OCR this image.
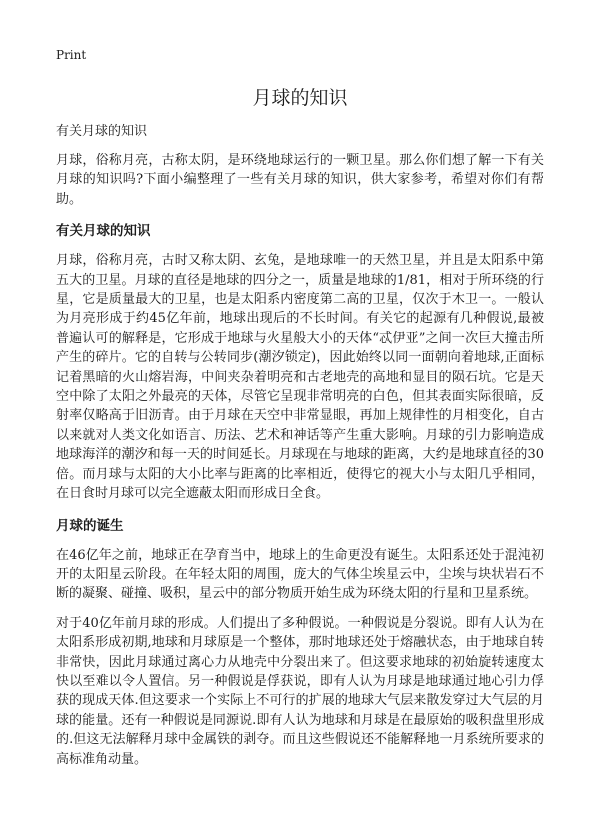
Print
月球的知识
有关月球的知识

月球，俗称月亮，古称太阴，是环绕地球运行的一颗卫星。那么你们想了解一下有关月球的知识吗?下面小编整理了一些有关月球的知识，供大家参考，希望对你们有帮助。

有关月球的知识

月球，俗称月亮，古时又称太阴、玄兔，是地球唯一的天然卫星，并且是太阳系中第五大的卫星。月球的直径是地球的四分之一，质量是地球的1/81，相对于所环绕的行星，它是质量最大的卫星，也是太阳系内密度第二高的卫星，仅次于木卫一。一般认为月亮形成于约45亿年前，地球出现后的不长时间。有关它的起源有几种假说,最被普遍认可的解释是，它形成于地球与火星般大小的天体“忒伊亚”之间一次巨大撞击所产生的碎片。它的自转与公转同步(潮汐锁定)，因此始终以同一面朝向着地球,正面标记着黑暗的火山熔岩海，中间夹杂着明亮和古老地壳的高地和显目的陨石坑。它是天空中除了太阳之外最亮的天体，尽管它呈现非常明亮的白色，但其表面实际很暗，反射率仅略高于旧沥青。由于月球在天空中非常显眼，再加上规律性的月相变化，自古以来就对人类文化如语言、历法、艺术和神话等产生重大影响。月球的引力影响造成地球海洋的潮汐和每一天的时间延长。月球现在与地球的距离，大约是地球直径的30倍。而月球与太阳的大小比率与距离的比率相近，使得它的视大小与太阳几乎相同，在日食时月球可以完全遮蔽太阳而形成日全食。

月球的诞生

在46亿年之前，地球正在孕育当中，地球上的生命更没有诞生。太阳系还处于混沌初开的太阳星云阶段。在年轻太阳的周围，庞大的气体尘埃星云中，尘埃与块状岩石不断的凝聚、碰撞、吸积，星云中的部分物质开始生成为环绕太阳的行星和卫星系统。

对于40亿年前月球的形成。人们提出了多种假说。一种假说是分裂说。即有人认为在太阳系形成初期,地球和月球原是一个整体，那时地球还处于熔融状态，由于地球自转非常快，因此月球通过离心力从地壳中分裂出来了。但这要求地球的初始旋转速度太快以至难以令人置信。另一种假说是俘获说，即有人认为月球是地球通过地心引力俘获的现成天体.但这要求一个实际上不可行的扩展的地球大气层来散发穿过大气层的月球的能量。还有一种假说是同源说.即有人认为地球和月球是在最原始的吸积盘里形成的.但这无法解释月球中金属铁的剥夺。而且这些假说还不能解释地一月系统所要求的高标准角动量。
